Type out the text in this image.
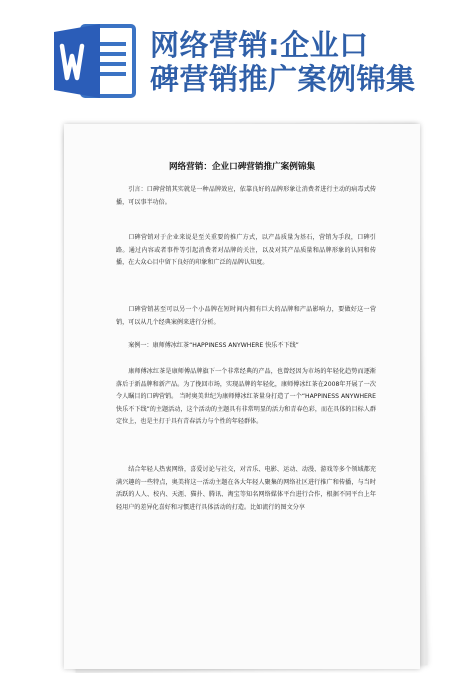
网络营销:企业口
碑营销推广案例锦集
网络营销：企业口碑营销推广案例锦集
引言：口碑营销其实就是一种品牌效应，依靠良好的品牌形象让消费者进行主动的病毒式传播，可以事半功倍。
口碑营销对于企业来说是至关重要的推广方式，以产品质量为基石，营销为手段，口碑引路。通过内容或者事件等引起消费者对品牌的关注，以及对其产品质量和品牌形象的认同和传播，在大众心目中留下良好的印象和广泛的品牌认知度。
口碑营销甚至可以另一个小品牌在短时间内拥有巨大的品牌和产品影响力，要做好这一营销，可以从几个经典案例来进行分析。
案例一：康师傅冰红茶“HAPPINESS ANYWHERE 快乐不下线”
康师傅冰红茶是康师傅品牌旗下一个非常经典的产品，也曾经因为市场的年轻化趋势而逐渐落后于新品牌和新产品。为了挽回市场，实现品牌的年轻化，康师傅冰红茶在2008年开展了一次令人瞩目的口碑营销。 当时奥美世纪为康师傅冰红茶量身打造了一个“HAPPINESS ANYWHERE 快乐不下线”的主题活动，这个活动的主题具有非常明显的活力和青春色彩，而在具体的目标人群定位上，也是主打于具有青春活力与个性的年轻群体。
结合年轻人热衷网络，喜爱讨论与社交，对音乐、电影、运动、动漫、游戏等多个领域都充满兴趣的一些特点，奥美将这一活动主题在各大年轻人聚集的网络社区进行推广和传播，与当时活跃的人人、校内、天涯、猫扑、腾讯、淘宝等知名网络媒体平台进行合作，根据不同平台上年轻用户的差异化喜好和习惯进行具体活动的打造。比如流行的图文分享
